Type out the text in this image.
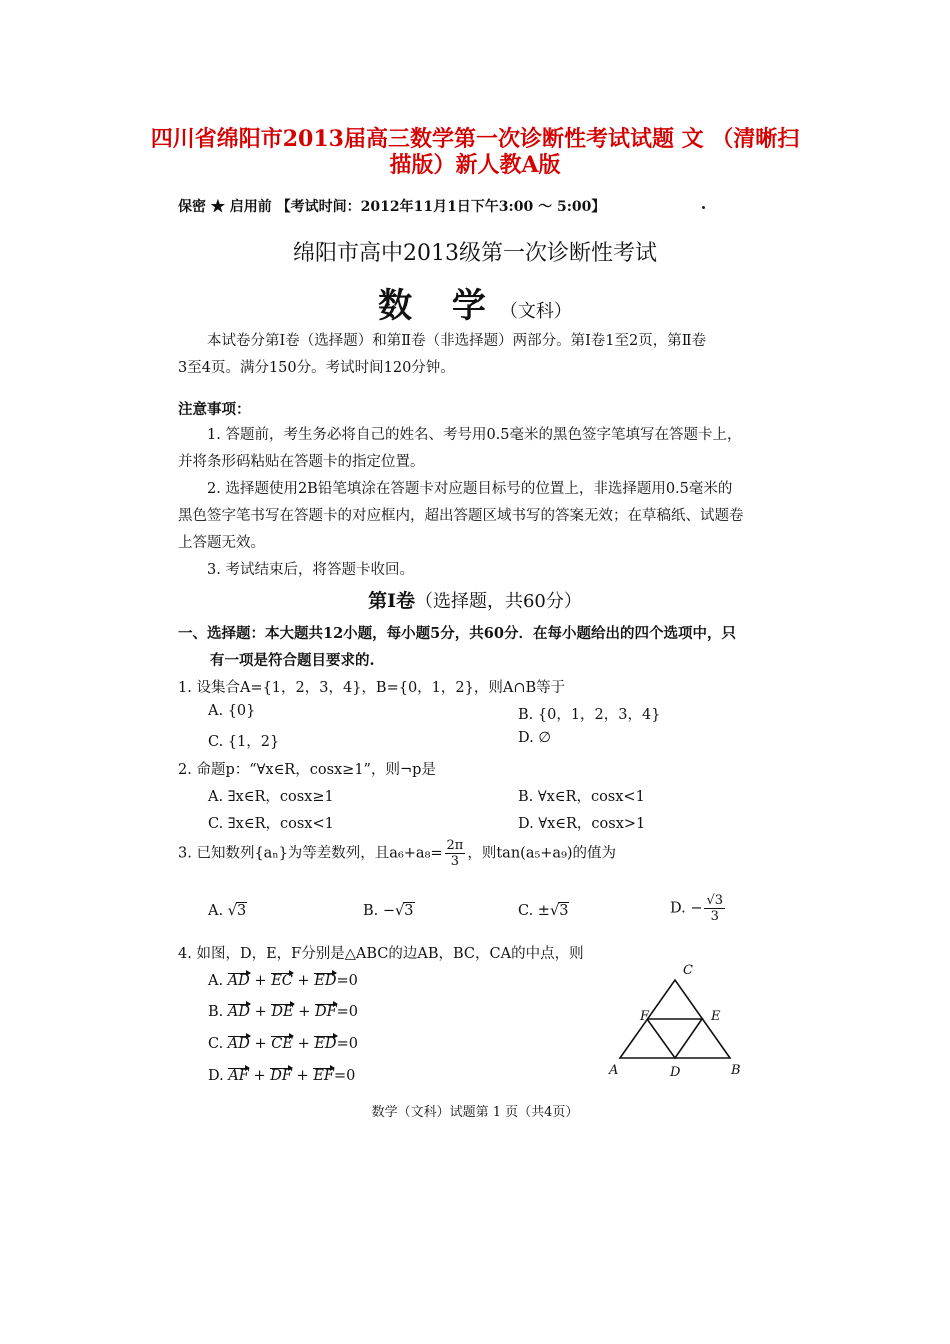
四川省绵阳市2013届高三数学第一次诊断性考试试题 文 （清晰扫
描版）新人教A版
保密 ★ 启用前 【考试时间：2012年11月1日下午3:00 ～ 5:00】
绵阳市高中2013级第一次诊断性考试
数 学（文科）
本试卷分第Ⅰ卷（选择题）和第Ⅱ卷（非选择题）两部分。第Ⅰ卷1至2页，第Ⅱ卷
3至4页。满分150分。考试时间120分钟。
注意事项：
1. 答题前，考生务必将自己的姓名、考号用0.5毫米的黑色签字笔填写在答题卡上，
并将条形码粘贴在答题卡的指定位置。
2. 选择题使用2B铅笔填涂在答题卡对应题目标号的位置上，非选择题用0.5毫米的
黑色签字笔书写在答题卡的对应框内，超出答题区域书写的答案无效；在草稿纸、试题卷
上答题无效。
3. 考试结束后，将答题卡收回。
第Ⅰ卷（选择题，共60分）
一、选择题：本大题共12小题，每小题5分，共60分．在每小题给出的四个选项中，只
有一项是符合题目要求的.
1. 设集合A={1，2，3，4}，B={0，1，2}，则A∩B等于
A. {0}	B. {0，1，2，3，4}
C. {1，2}	D. ∅
2. 命题p：“∀x∈R，cosx≥1”，则¬p是
A. ∃x∈R，cosx≥1	B. ∀x∈R，cosx<1
C. ∃x∈R，cosx<1	D. ∀x∈R，cosx>1
3. 已知数列{aₙ}为等差数列，且$a_6+a_8= \frac{2\pi}{3}$ ，则tan(a₅+a₉)的值为
A. √3	B. −√3	C. ±√3	D. − $\frac{√3}{3}$
4. 如图，D，E，F分别是△ABC的边AB，BC，CA的中点，则
A. AD + EC + ED=0
B. AD + DE + DF=0
C. AD + CE + ED=0
D. AF + DF + EF=0
C
F	E
A	D	B
数学（文科）试题第 1 页（共4页）
